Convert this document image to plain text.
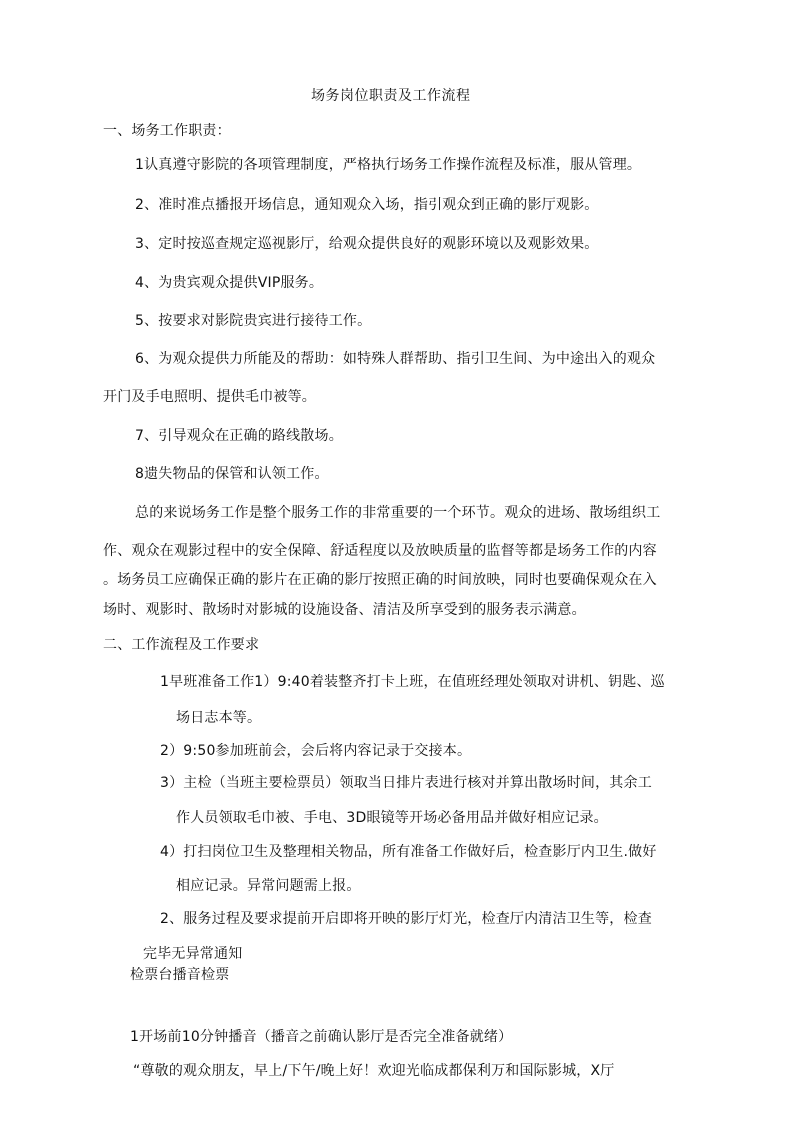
场务岗位职责及工作流程
一、场务工作职责：
1认真遵守影院的各项管理制度，严格执行场务工作操作流程及标准，服从管理。
2、准时准点播报开场信息，通知观众入场，指引观众到正确的影厅观影。
3、定时按巡查规定巡视影厅，给观众提供良好的观影环境以及观影效果。
4、为贵宾观众提供VIP服务。
5、按要求对影院贵宾进行接待工作。
6、为观众提供力所能及的帮助：如特殊人群帮助、指引卫生间、为中途出入的观众
开门及手电照明、提供毛巾被等。
7、引导观众在正确的路线散场。
8遗失物品的保管和认领工作。
总的来说场务工作是整个服务工作的非常重要的一个环节。观众的进场、散场组织工
作、观众在观影过程中的安全保障、舒适程度以及放映质量的监督等都是场务工作的内容
。场务员工应确保正确的影片在正确的影厅按照正确的时间放映，同时也要确保观众在入
场时、观影时、散场时对影城的设施设备、清洁及所享受到的服务表示满意。
二、工作流程及工作要求
1早班准备工作1）9:40着装整齐打卡上班，在值班经理处领取对讲机、钥匙、巡
场日志本等。
2）9:50参加班前会，会后将内容记录于交接本。
3）主检（当班主要检票员）领取当日排片表进行核对并算出散场时间，其余工
作人员领取毛巾被、手电、3D眼镜等开场必备用品并做好相应记录。
4）打扫岗位卫生及整理相关物品，所有准备工作做好后，检查影厅内卫生.做好
相应记录。异常问题需上报。
2、服务过程及要求提前开启即将开映的影厅灯光，检查厅内清洁卫生等，检查
完毕无异常通知
检票台播音检票
1开场前10分钟播音（播音之前确认影厅是否完全准备就绪）
“尊敬的观众朋友，早上/下午/晚上好！欢迎光临成都保利万和国际影城，X厅
